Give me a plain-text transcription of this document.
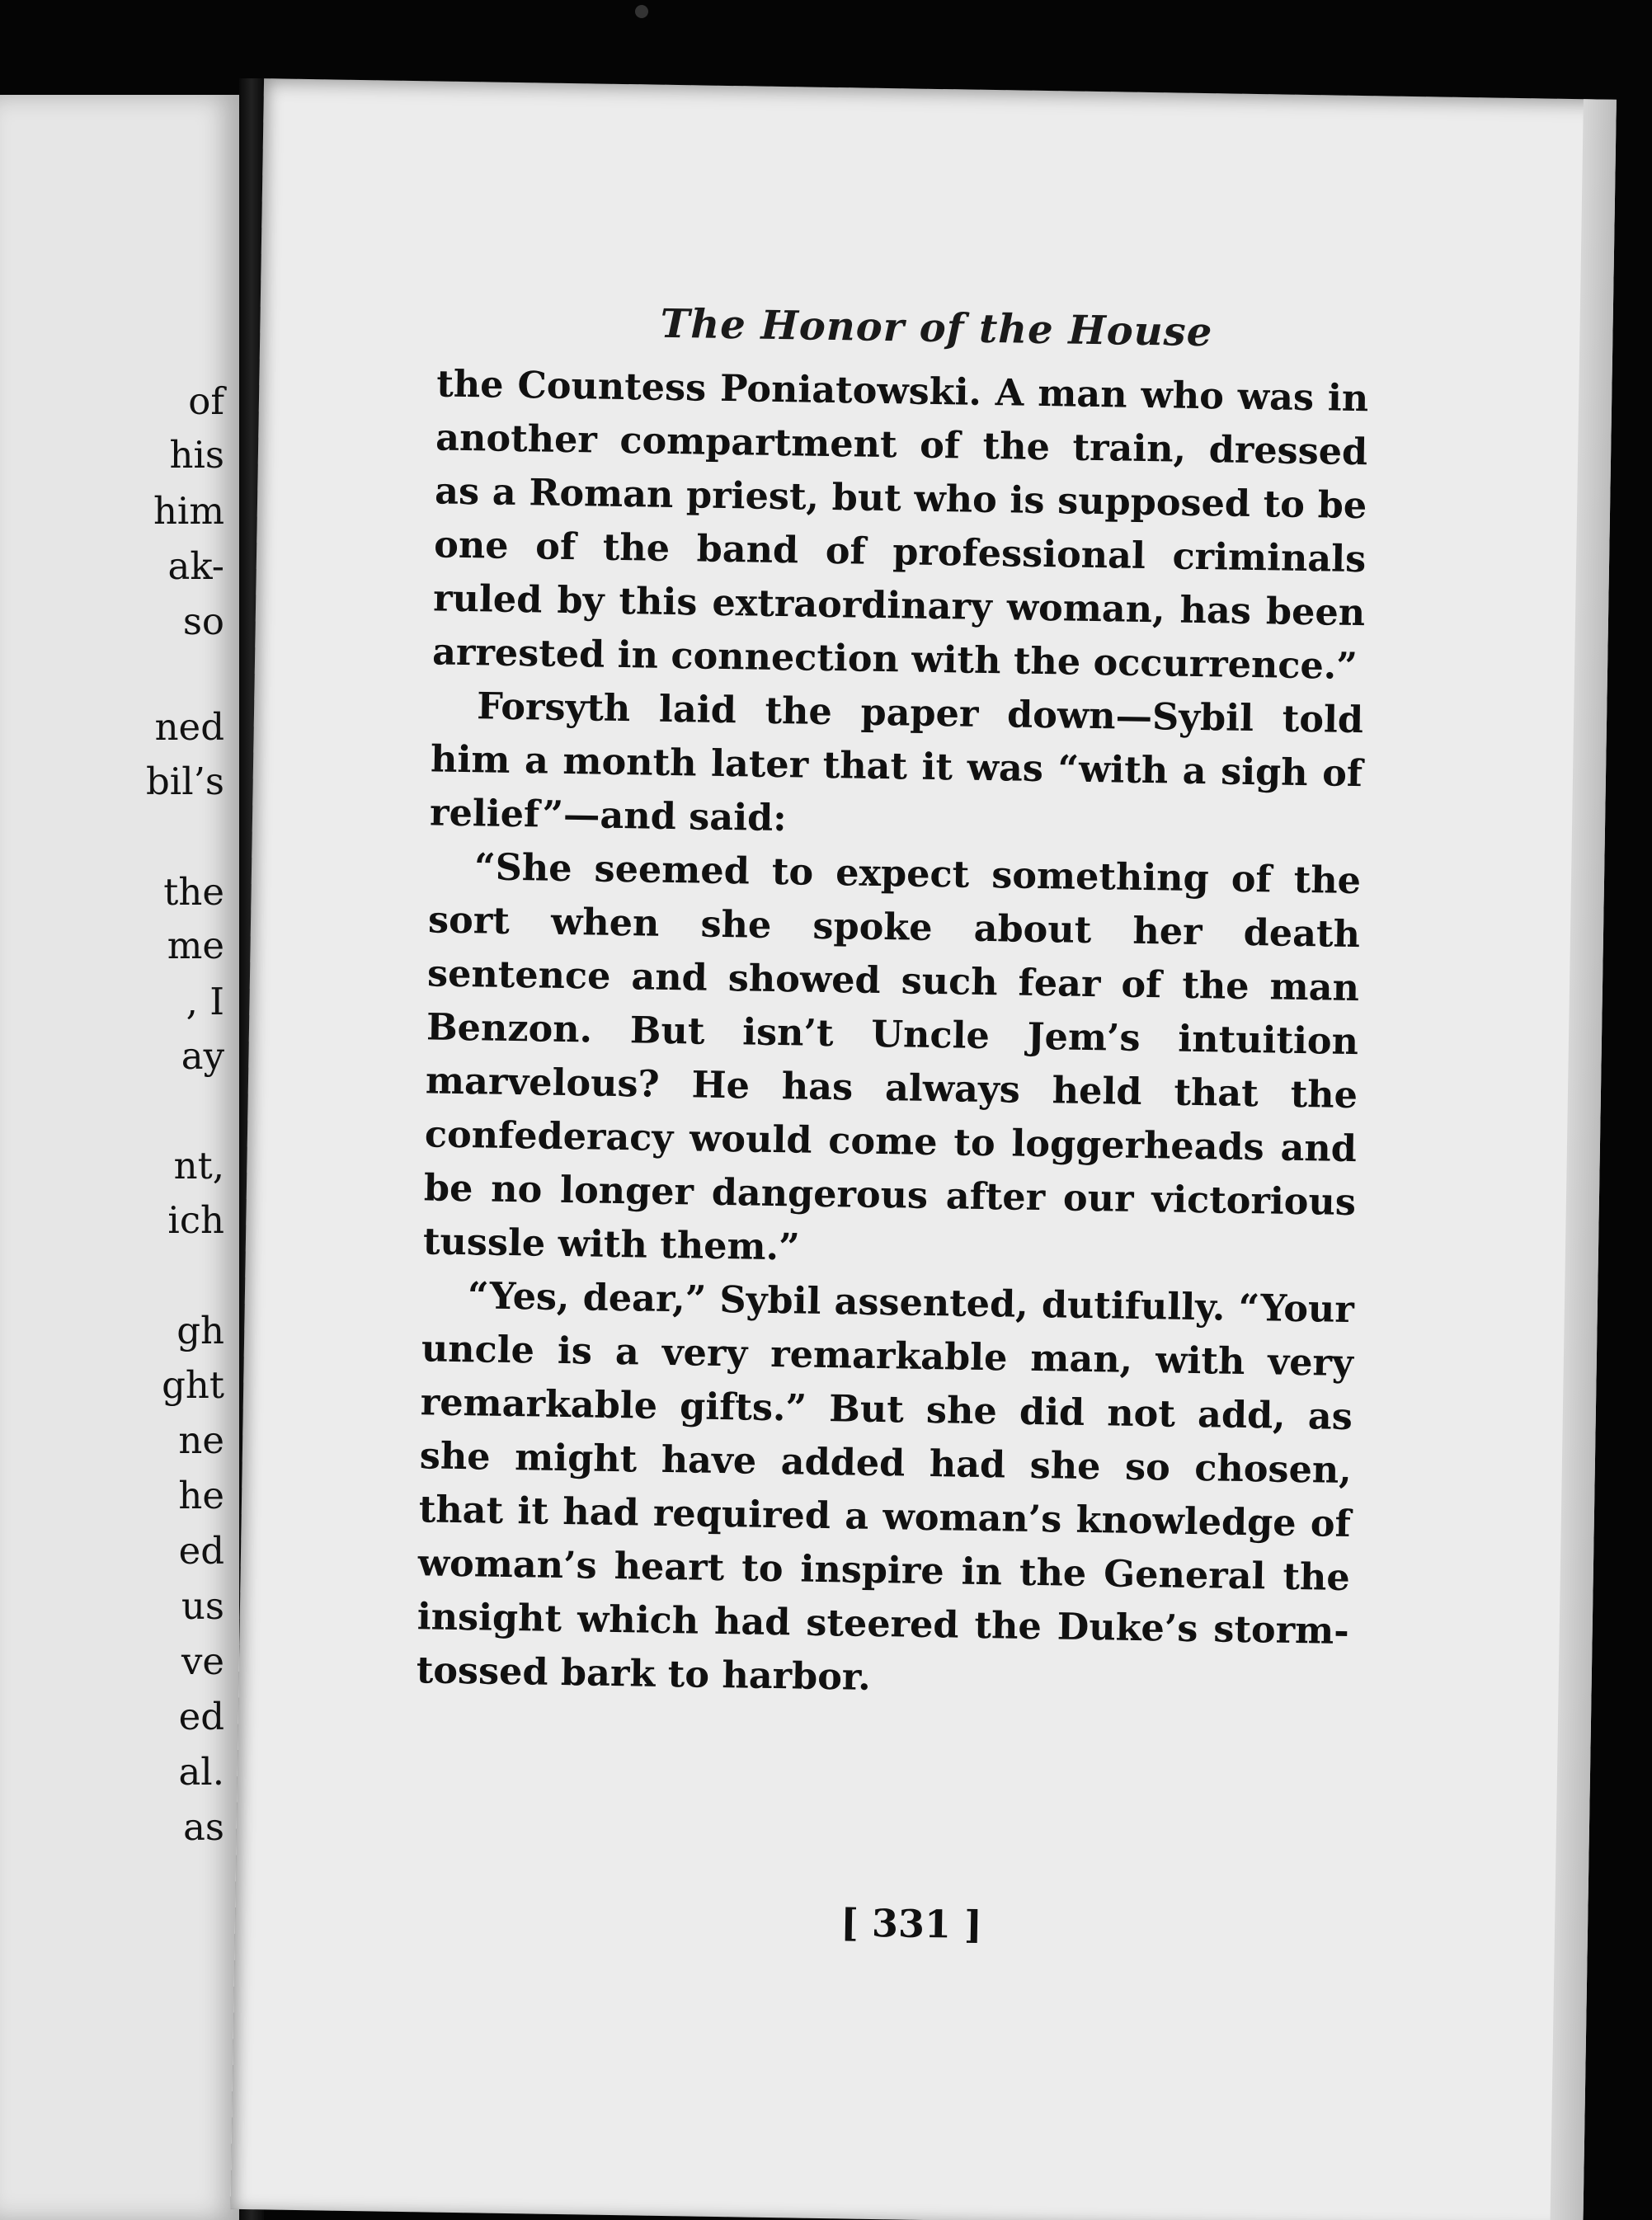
of
his
him
ak-
so
ned
bil’s
the
me
, I
ay
nt,
ich
gh
ght
ne
he
ed
us
ve
ed
al.
as
The Honor of the House

the Countess Poniatowski. A man who was in another compartment of the train, dressed as a Roman priest, but who is supposed to be one of the band of professional criminals ruled by this extraordinary woman, has been arrested in connection with the occurrence.”

Forsyth laid the paper down—Sybil told him a month later that it was “with a sigh of relief”—and said:

“She seemed to expect something of the sort when she spoke about her death sentence and showed such fear of the man Benzon. But isn’t Uncle Jem’s intuition marvelous? He has always held that the confederacy would come to loggerheads and be no longer dangerous after our victorious tussle with them.”

“Yes, dear,” Sybil assented, dutifully. “Your uncle is a very remarkable man, with very remarkable gifts.” But she did not add, as she might have added had she so chosen, that it had required a woman’s knowledge of woman’s heart to inspire in the General the insight which had steered the Duke’s storm-tossed bark to harbor.

[ 331 ]
